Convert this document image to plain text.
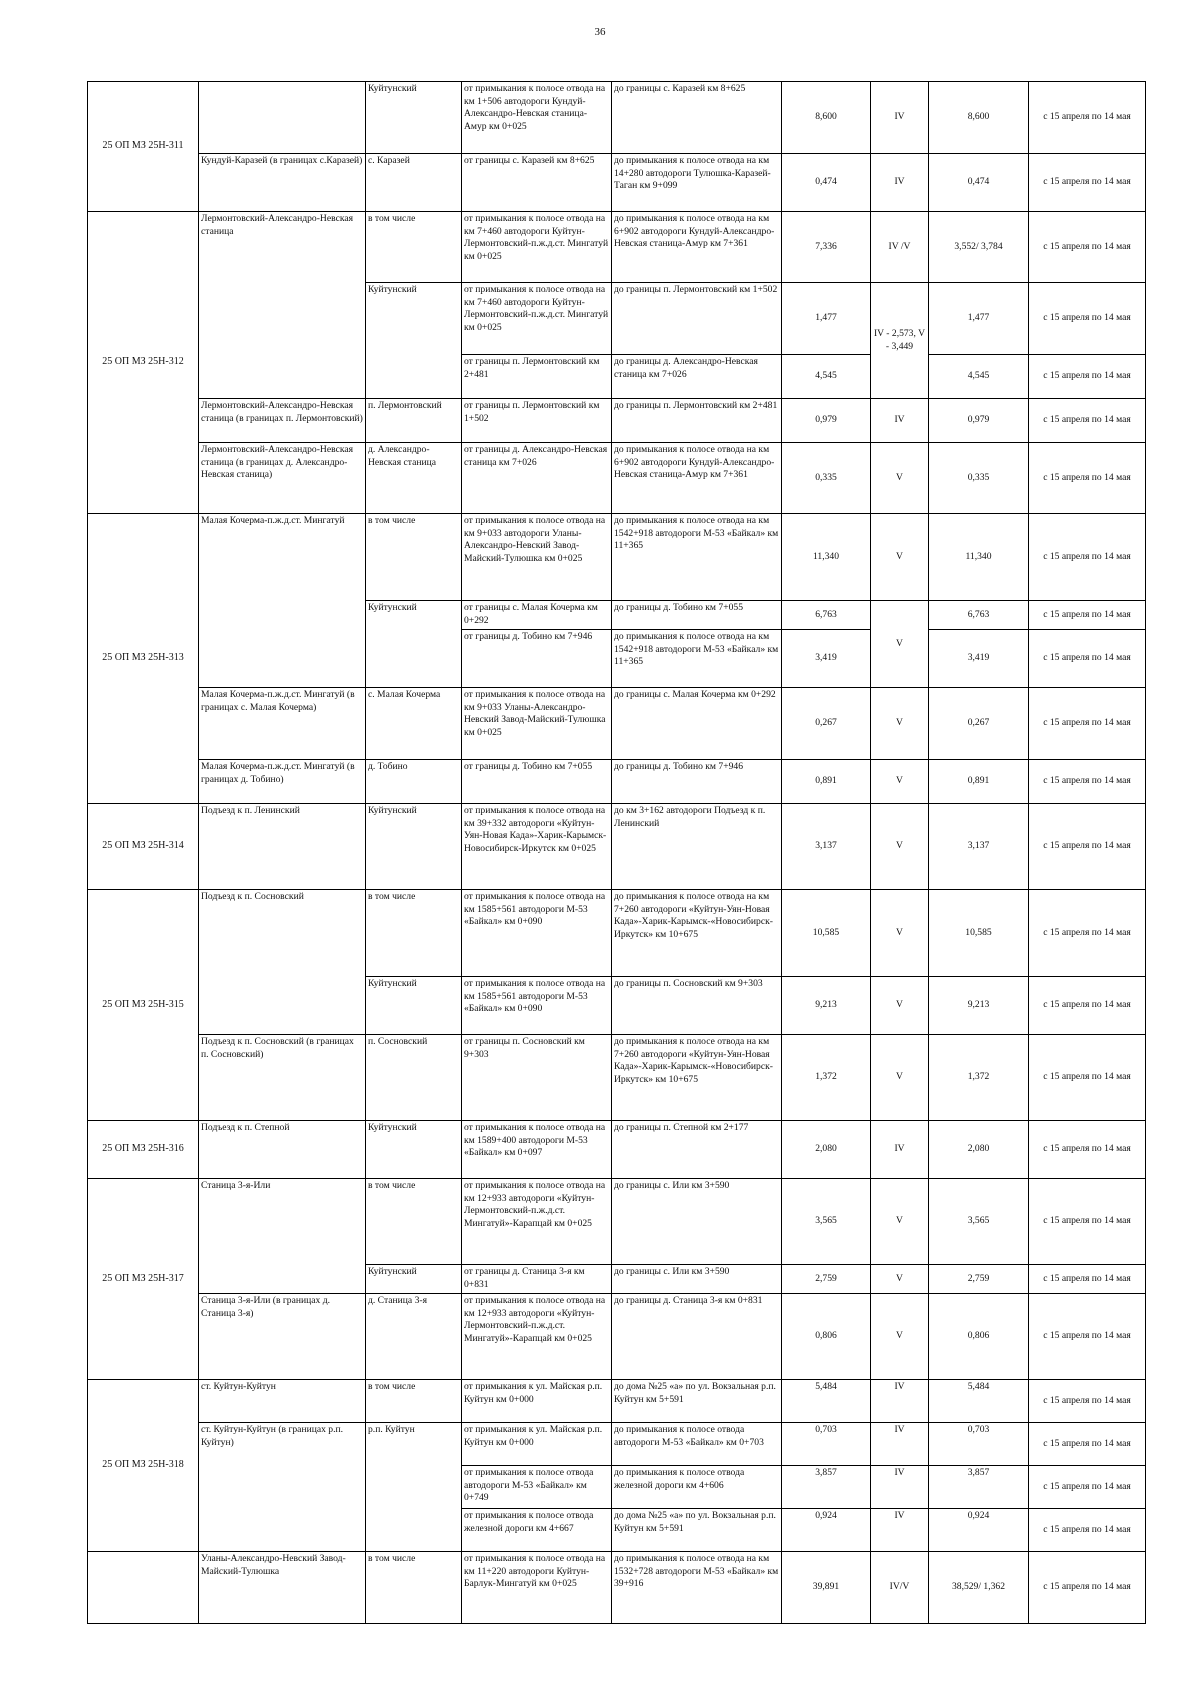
36
25 ОП МЗ 25Н-311		Куйтунский	от примыкания к полосе отвода на км 1+506 автодороги Кундуй-Александро-Невская станица-Амур км 0+025	до границы с. Каразей км 8+625	8,600	IV	8,600	с 15 апреля по 14 мая
	Кундуй-Каразей (в границах с.Каразей)	с. Каразей	от границы с. Каразей км 8+625	до примыкания к полосе отвода на км 14+280 автодороги Тулюшка-Каразей-Таган км 9+099	0,474	IV	0,474	с 15 апреля по 14 мая
25 ОП МЗ 25Н-312	Лермонтовский-Александро-Невская станица	в том числе	от примыкания к полосе отвода на км 7+460 автодороги Куйтун-Лермонтовский-п.ж.д.ст. Мингатуй км 0+025	до примыкания к полосе отвода на км 6+902 автодороги Кундуй-Александро-Невская станица-Амур км 7+361	7,336	IV /V	3,552/ 3,784	с 15 апреля по 14 мая
		Куйтунский	от примыкания к полосе отвода на км 7+460 автодороги Куйтун-Лермонтовский-п.ж.д.ст. Мингатуй км 0+025	до границы п. Лермонтовский км 1+502	1,477	IV - 2,573, V - 3,449	1,477	с 15 апреля по 14 мая
			от границы п. Лермонтовский км 2+481	до границы д. Александро-Невская станица км 7+026	4,545		4,545	с 15 апреля по 14 мая
	Лермонтовский-Александро-Невская станица (в границах п. Лермонтовский)	п. Лермонтовский	от границы п. Лермонтовский км 1+502	до границы п. Лермонтовский км 2+481	0,979	IV	0,979	с 15 апреля по 14 мая
	Лермонтовский-Александро-Невская станица (в границах д. Александро-Невская станица)	д. Александро-Невская станица	от границы д. Александро-Невская станица км 7+026	до примыкания к полосе отвода на км 6+902 автодороги Кундуй-Александро-Невская станица-Амур км 7+361	0,335	V	0,335	с 15 апреля по 14 мая
25 ОП МЗ 25Н-313	Малая Кочерма-п.ж.д.ст. Мингатуй	в том числе	от примыкания к полосе отвода на км 9+033 автодороги Уланы-Александро-Невский Завод-Майский-Тулюшка км 0+025	до примыкания к полосе отвода на км 1542+918 автодороги М-53 «Байкал» км 11+365	11,340	V	11,340	с 15 апреля по 14 мая
		Куйтунский	от границы с. Малая Кочерма км 0+292	до границы д. Тобино км 7+055	6,763	V	6,763	с 15 апреля по 14 мая
			от границы д. Тобино км 7+946	до примыкания к полосе отвода на км 1542+918 автодороги М-53 «Байкал» км 11+365	3,419		3,419	с 15 апреля по 14 мая
	Малая Кочерма-п.ж.д.ст. Мингатуй (в границах с. Малая Кочерма)	с. Малая Кочерма	от примыкания к полосе отвода на км 9+033 Уланы-Александро-Невский Завод-Майский-Тулюшка км 0+025	до границы с. Малая Кочерма км 0+292	0,267	V	0,267	с 15 апреля по 14 мая
	Малая Кочерма-п.ж.д.ст. Мингатуй (в границах д. Тобино)	д. Тобино	от границы д. Тобино км 7+055	до границы д. Тобино км 7+946	0,891	V	0,891	с 15 апреля по 14 мая
25 ОП МЗ 25Н-314	Подъезд к п. Ленинский	Куйтунский	от примыкания к полосе отвода на км 39+332 автодороги «Куйтун-Уян-Новая Када»-Харик-Карымск-Новосибирск-Иркутск км 0+025	до км 3+162 автодороги Подъезд к п. Ленинский	3,137	V	3,137	с 15 апреля по 14 мая
25 ОП МЗ 25Н-315	Подъезд к п. Сосновский	в том числе	от примыкания к полосе отвода на км 1585+561 автодороги М-53 «Байкал» км 0+090	до примыкания к полосе отвода на км 7+260 автодороги «Куйтун-Уян-Новая Када»-Харик-Карымск-«Новосибирск-Иркутск» км 10+675	10,585	V	10,585	с 15 апреля по 14 мая
		Куйтунский	от примыкания к полосе отвода на км 1585+561 автодороги М-53 «Байкал» км 0+090	до границы п. Сосновский км 9+303	9,213	V	9,213	с 15 апреля по 14 мая
	Подъезд к п. Сосновский (в границах п. Сосновский)	п. Сосновский	от границы п. Сосновский км 9+303	до примыкания к полосе отвода на км 7+260 автодороги «Куйтун-Уян-Новая Када»-Харик-Карымск-«Новосибирск-Иркутск» км 10+675	1,372	V	1,372	с 15 апреля по 14 мая
25 ОП МЗ 25Н-316	Подъезд к п. Степной	Куйтунский	от примыкания к полосе отвода на км 1589+400 автодороги М-53 «Байкал» км 0+097	до границы п. Степной км 2+177	2,080	IV	2,080	с 15 апреля по 14 мая
25 ОП МЗ 25Н-317	Станица 3-я-Или	в том числе	от примыкания к полосе отвода на км 12+933 автодороги «Куйтун-Лермонтовский-п.ж.д.ст. Мингатуй»-Карапцай км 0+025	до границы с. Или км 3+590	3,565	V	3,565	с 15 апреля по 14 мая
		Куйтунский	от границы д. Станица 3-я км 0+831	до границы с. Или км 3+590	2,759	V	2,759	с 15 апреля по 14 мая
	Станица 3-я-Или (в границах д. Станица 3-я)	д. Станица 3-я	от примыкания к полосе отвода на км 12+933 автодороги «Куйтун-Лермонтовский-п.ж.д.ст. Мингатуй»-Карапцай км 0+025	до границы д. Станица 3-я км 0+831	0,806	V	0,806	с 15 апреля по 14 мая
25 ОП МЗ 25Н-318	ст. Куйтун-Куйтун	в том числе	от примыкания к ул. Майская р.п. Куйтун км 0+000	до дома №25 «а» по ул. Вокзальная р.п. Куйтун км 5+591	5,484	IV	5,484	с 15 апреля по 14 мая
	ст. Куйтун-Куйтун (в границах р.п. Куйтун)	р.п. Куйтун	от примыкания к ул. Майская р.п. Куйтун км 0+000	до примыкания к полосе отвода автодороги М-53 «Байкал» км 0+703	0,703	IV	0,703	с 15 апреля по 14 мая
			от примыкания к полосе отвода автодороги М-53 «Байкал» км 0+749	до примыкания к полосе отвода железной дороги км 4+606	3,857	IV	3,857	с 15 апреля по 14 мая
			от примыкания к полосе отвода железной дороги км 4+667	до дома №25 «а» по ул. Вокзальная р.п. Куйтун км 5+591	0,924	IV	0,924	с 15 апреля по 14 мая
	Уланы-Александро-Невский Завод-Майский-Тулюшка	в том числе	от примыкания к полосе отвода на км 11+220 автодороги Куйтун-Барлук-Мингатуй км 0+025	до примыкания к полосе отвода на км 1532+728 автодороги М-53 «Байкал» км 39+916	39,891	IV/V	38,529/ 1,362	с 15 апреля по 14 мая
